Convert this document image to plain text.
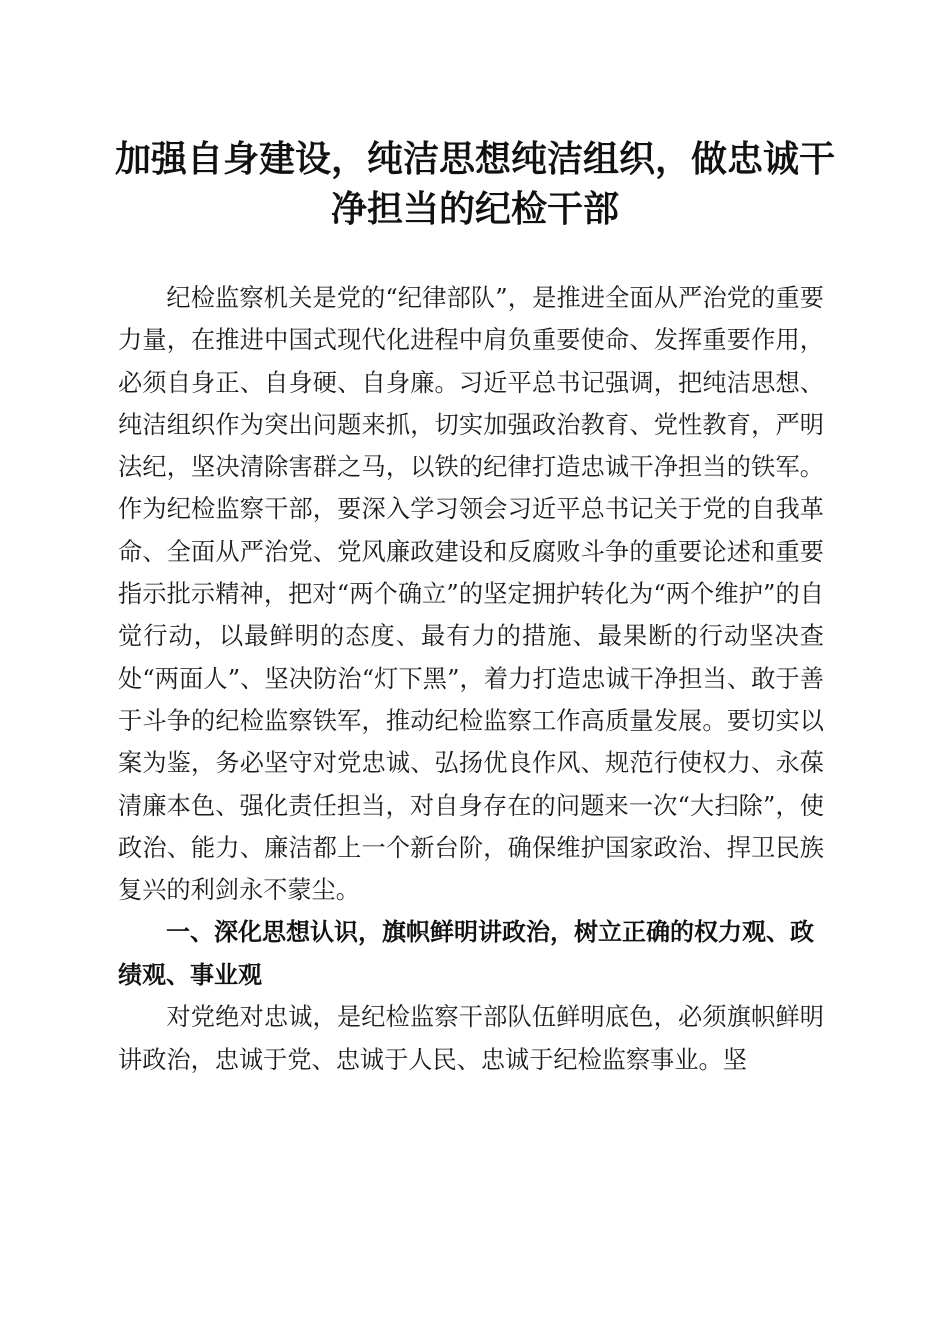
加强自身建设，纯洁思想纯洁组织，做忠诚干净担当的纪检干部

纪检监察机关是党的“纪律部队”，是推进全面从严治党的重要力量，在推进中国式现代化进程中肩负重要使命、发挥重要作用，必须自身正、自身硬、自身廉。习近平总书记强调，把纯洁思想、纯洁组织作为突出问题来抓，切实加强政治教育、党性教育，严明法纪，坚决清除害群之马，以铁的纪律打造忠诚干净担当的铁军。作为纪检监察干部，要深入学习领会习近平总书记关于党的自我革命、全面从严治党、党风廉政建设和反腐败斗争的重要论述和重要指示批示精神，把对“两个确立”的坚定拥护转化为“两个维护”的自觉行动，以最鲜明的态度、最有力的措施、最果断的行动坚决查处“两面人”、坚决防治“灯下黑”，着力打造忠诚干净担当、敢于善于斗争的纪检监察铁军，推动纪检监察工作高质量发展。要切实以案为鉴，务必坚守对党忠诚、弘扬优良作风、规范行使权力、永葆清廉本色、强化责任担当，对自身存在的问题来一次“大扫除”，使政治、能力、廉洁都上一个新台阶，确保维护国家政治、捍卫民族复兴的利剑永不蒙尘。

一、深化思想认识，旗帜鲜明讲政治，树立正确的权力观、政绩观、事业观

对党绝对忠诚，是纪检监察干部队伍鲜明底色，必须旗帜鲜明讲政治，忠诚于党、忠诚于人民、忠诚于纪检监察事业。坚
